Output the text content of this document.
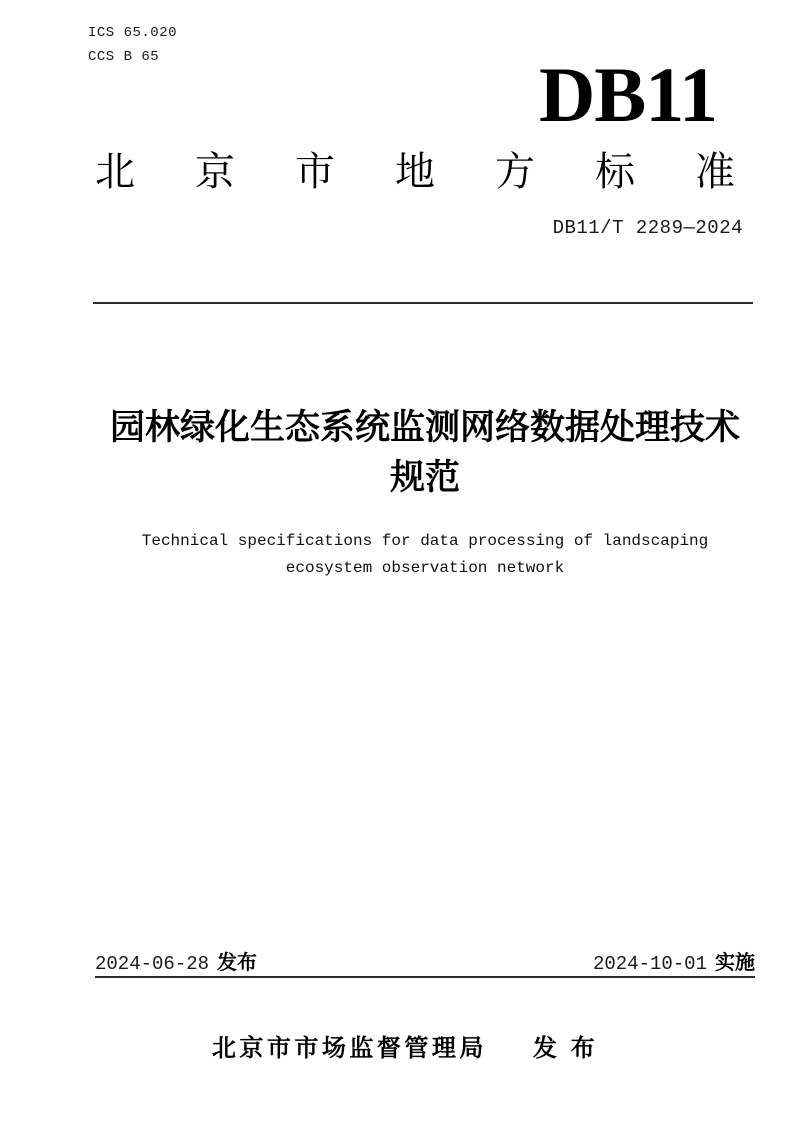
ICS 65.020
CCS B 65	DB11
北 京 市 地 方 标 准
DB11/T 2289—2024
园林绿化生态系统监测网络数据处理技术
规范
Technical specifications for data processing of landscaping
ecosystem observation network
2024-06-28 发布	2024-10-01 实施
北京市市场监督管理局 发 布
